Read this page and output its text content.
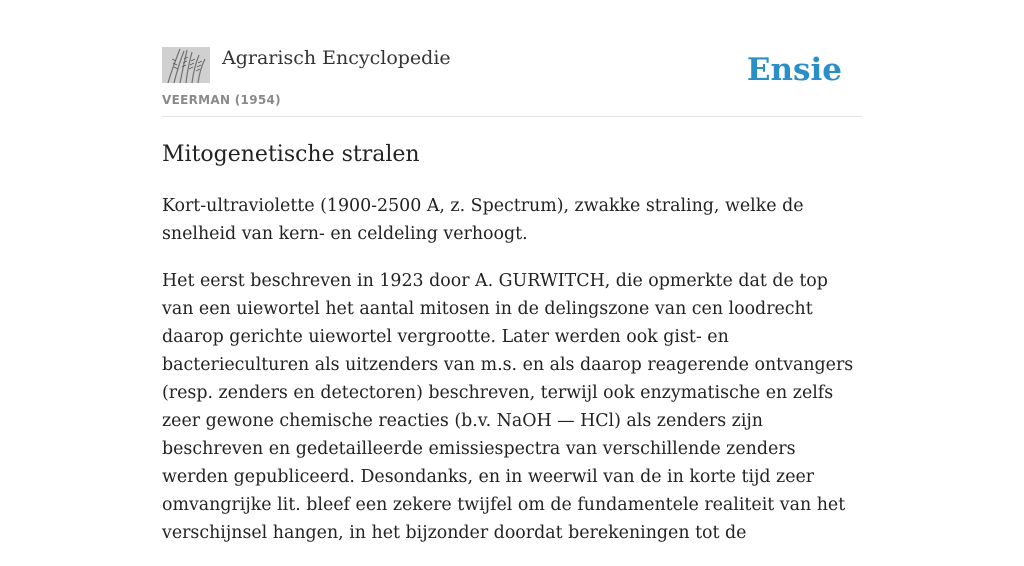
Agrarisch Encyclopedie
VEERMAN (1954)
Ensie
Mitogenetische stralen

Kort-ultraviolette (1900-2500 A, z. Spectrum), zwakke straling, welke de snelheid van kern- en celdeling verhoogt.

Het eerst beschreven in 1923 door A. GURWITCH, die opmerkte dat de top van een uiewortel het aantal mitosen in de delingszone van cen loodrecht daarop gerichte uiewortel vergrootte. Later werden ook gist- en bacterieculturen als uitzenders van m.s. en als daarop reagerende ontvangers (resp. zenders en detectoren) beschreven, terwijl ook enzymatische en zelfs zeer gewone chemische reacties (b.v. NaOH — HCl) als zenders zijn beschreven en gedetailleerde emissiespectra van verschillende zenders werden gepubliceerd. Desondanks, en in weerwil van de in korte tijd zeer omvangrijke lit. bleef een zekere twijfel om de fundamentele realiteit van het verschijnsel hangen, in het bijzonder doordat berekeningen tot de
